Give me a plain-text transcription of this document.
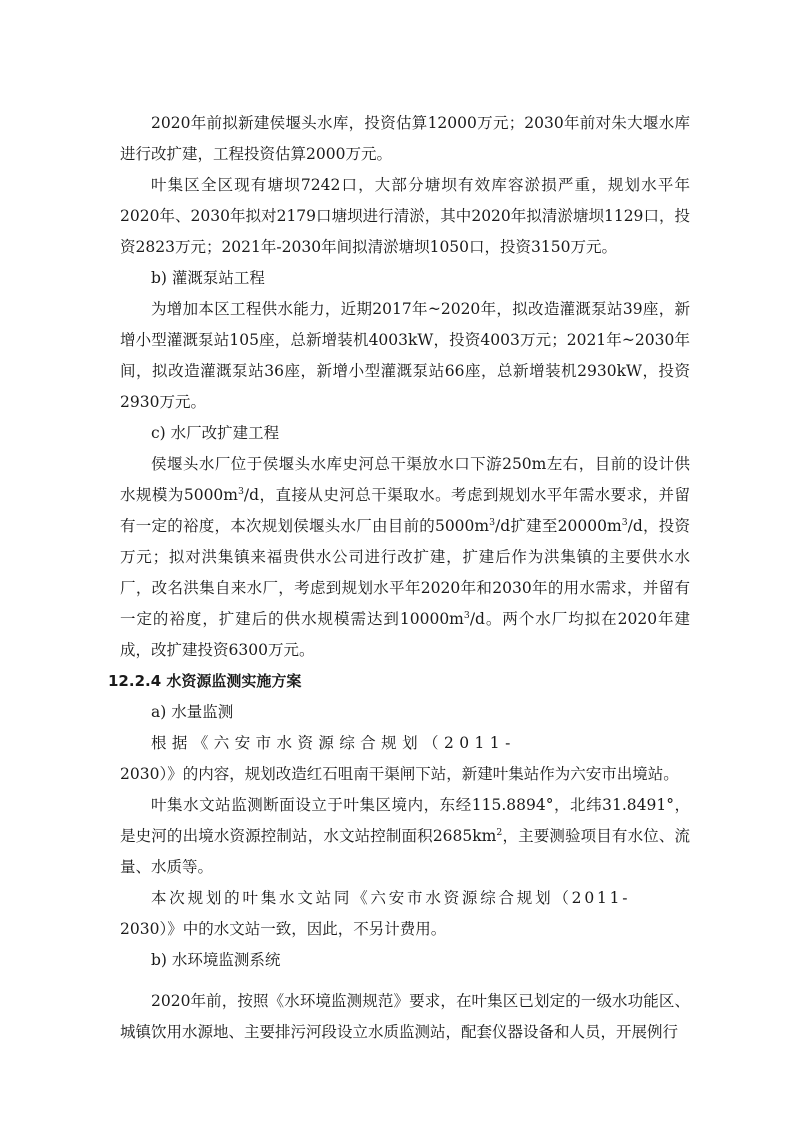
2020年前拟新建侯堰头水库，投资估算12000万元；2030年前对朱大堰水库进行改扩建，工程投资估算2000万元。

叶集区全区现有塘坝7242口，大部分塘坝有效库容淤损严重，规划水平年2020年、2030年拟对2179口塘坝进行清淤，其中2020年拟清淤塘坝1129口，投资2823万元；2021年-2030年间拟清淤塘坝1050口，投资3150万元。

b) 灌溉泵站工程

为增加本区工程供水能力，近期2017年~2020年，拟改造灌溉泵站39座，新增小型灌溉泵站105座，总新增装机4003kW，投资4003万元；2021年~2030年间，拟改造灌溉泵站36座，新增小型灌溉泵站66座，总新增装机2930kW，投资2930万元。

c) 水厂改扩建工程

侯堰头水厂位于侯堰头水库史河总干渠放水口下游250m左右，目前的设计供水规模为$5000m^3/d$，直接从史河总干渠取水。考虑到规划水平年需水要求，并留有一定的裕度，本次规划侯堰头水厂由目前的$5000m^3/d$扩建至$20000m^3/d$，投资万元；拟对洪集镇来福贵供水公司进行改扩建，扩建后作为洪集镇的主要供水水厂，改名洪集自来水厂，考虑到规划水平年2020年和2030年的用水需求，并留有一定的裕度，扩建后的供水规模需达到$10000m^3/d$。两个水厂均拟在2020年建成，改扩建投资6300万元。

12.2.4 水资源监测实施方案

a) 水量监测

根据《六安市水资源综合规划（2011-

2030）》的内容，规划改造红石咀南干渠闸下站，新建叶集站作为六安市出境站。

叶集水文站监测断面设立于叶集区境内，东经115.8894°，北纬31.8491°，是史河的出境水资源控制站，水文站控制面积$2685km^2$，主要测验项目有水位、流量、水质等。

本次规划的叶集水文站同《六安市水资源综合规划（2011-

2030）》中的水文站一致，因此，不另计费用。

b) 水环境监测系统

2020年前，按照《水环境监测规范》要求，在叶集区已划定的一级水功能区、城镇饮用水源地、主要排污河段设立水质监测站，配套仪器设备和人员，开展例行
